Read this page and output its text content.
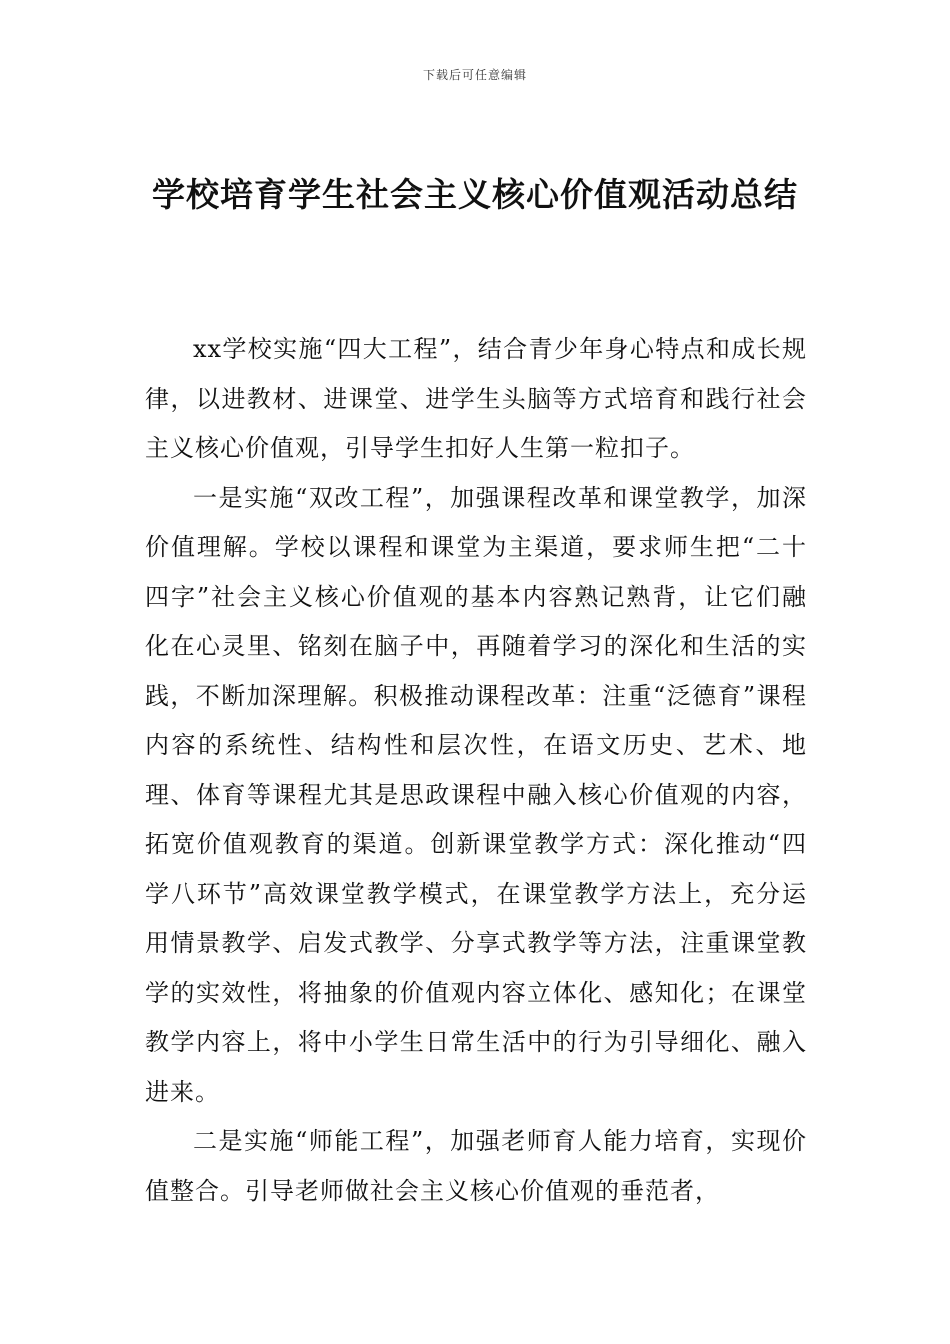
下载后可任意编辑
学校培育学生社会主义核心价值观活动总结

xx学校实施“四大工程”，结合青少年身心特点和成长规律，以进教材、进课堂、进学生头脑等方式培育和践行社会主义核心价值观，引导学生扣好人生第一粒扣子。

一是实施“双改工程”，加强课程改革和课堂教学，加深价值理解。学校以课程和课堂为主渠道，要求师生把“二十四字”社会主义核心价值观的基本内容熟记熟背，让它们融化在心灵里、铭刻在脑子中，再随着学习的深化和生活的实践，不断加深理解。积极推动课程改革：注重“泛德育”课程内容的系统性、结构性和层次性，在语文历史、艺术、地理、体育等课程尤其是思政课程中融入核心价值观的内容，拓宽价值观教育的渠道。创新课堂教学方式：深化推动“四学八环节”高效课堂教学模式，在课堂教学方法上，充分运用情景教学、启发式教学、分享式教学等方法，注重课堂教学的实效性，将抽象的价值观内容立体化、感知化；在课堂教学内容上，将中小学生日常生活中的行为引导细化、融入进来。

二是实施“师能工程”，加强老师育人能力培育，实现价值整合。引导老师做社会主义核心价值观的垂范者，
